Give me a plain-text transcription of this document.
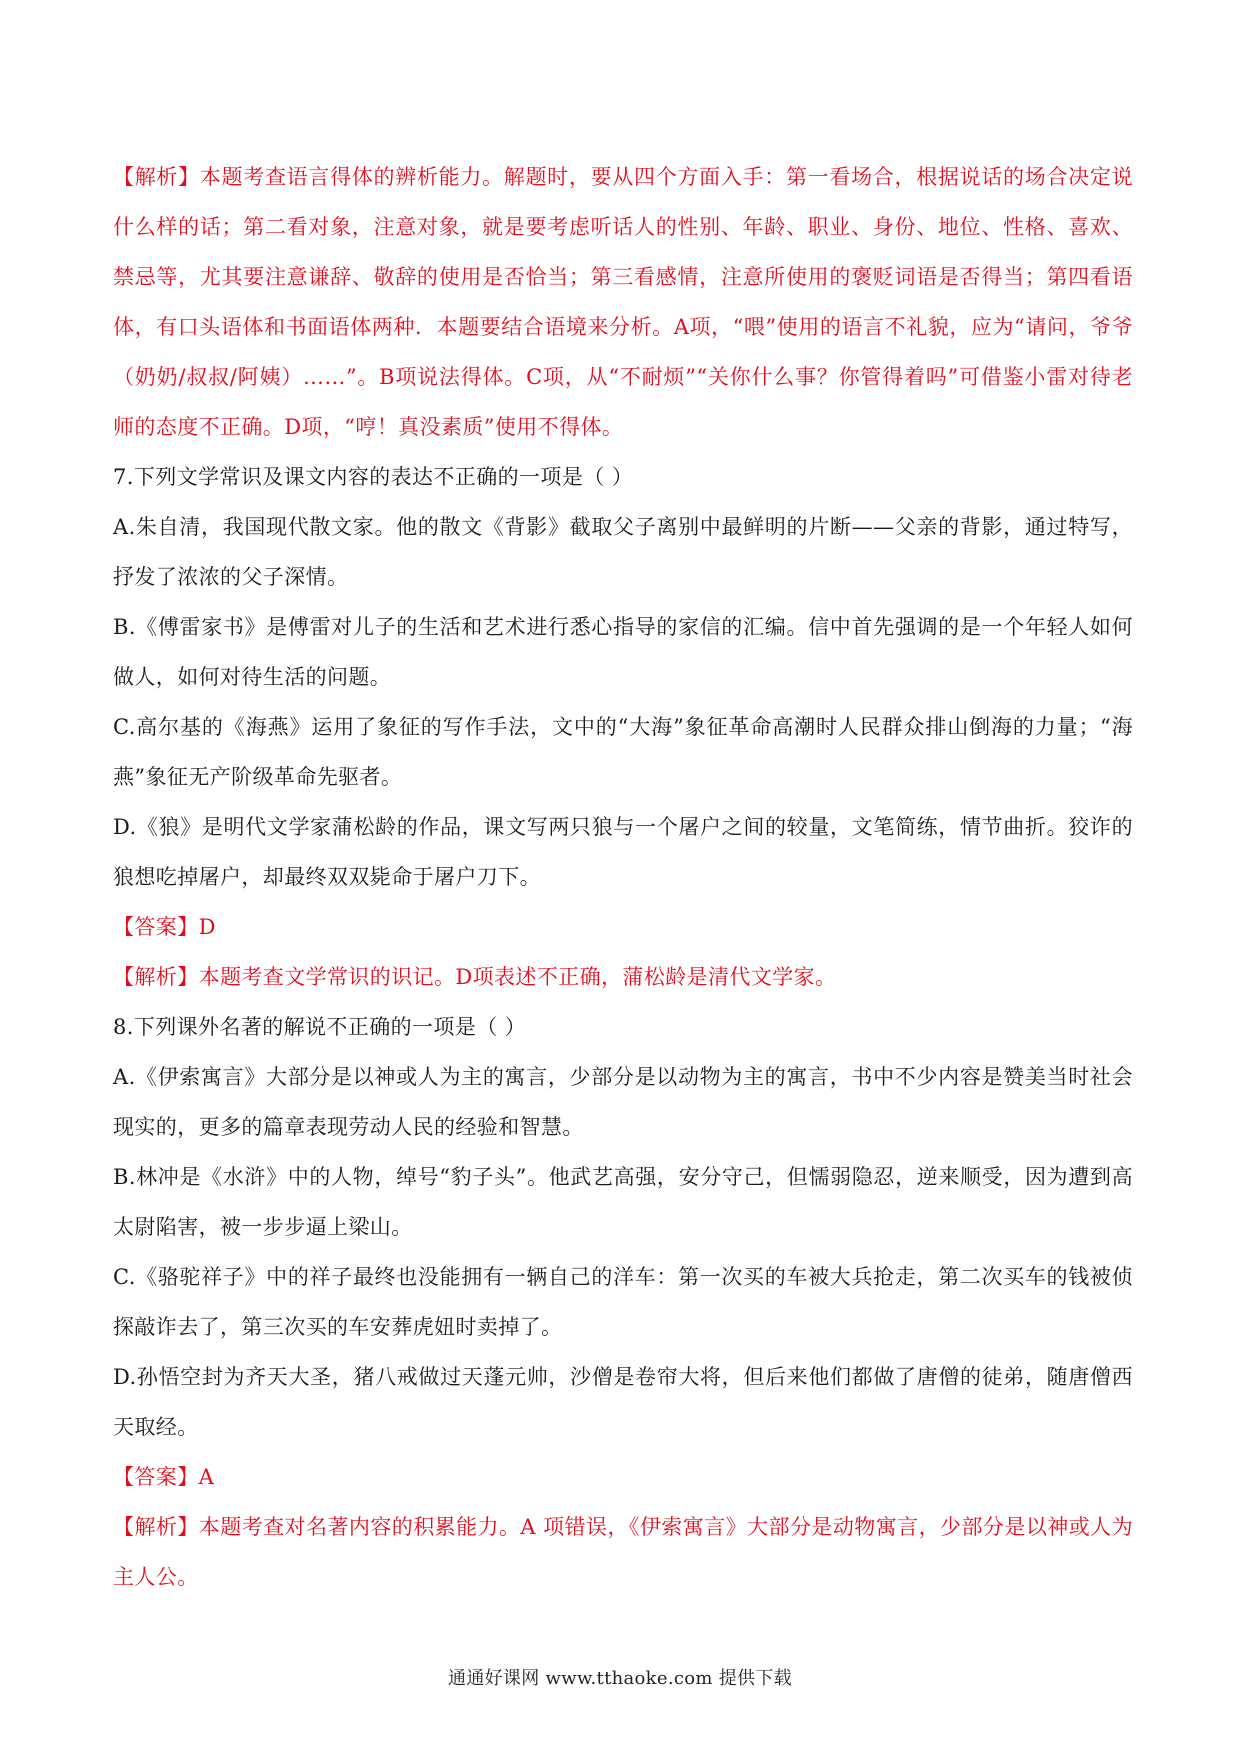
【解析】本题考查语言得体的辨析能力。解题时，要从四个方面入手：第一看场合，根据说话的场合决定说什么样的话；第二看对象，注意对象，就是要考虑听话人的性别、年龄、职业、身份、地位、性格、喜欢、禁忌等，尤其要注意谦辞、敬辞的使用是否恰当；第三看感情，注意所使用的褒贬词语是否得当；第四看语体，有口头语体和书面语体两种．本题要结合语境来分析。A项，“喂”使用的语言不礼貌，应为“请问，爷爷（奶奶/叔叔/阿姨）……”。B项说法得体。C项，从“不耐烦”“关你什么事？你管得着吗”可借鉴小雷对待老师的态度不正确。D项，“哼！真没素质”使用不得体。

7.下列文学常识及课文内容的表达不正确的一项是（ ）

A.朱自清，我国现代散文家。他的散文《背影》截取父子离别中最鲜明的片断——父亲的背影，通过特写，抒发了浓浓的父子深情。

B.《傅雷家书》是傅雷对儿子的生活和艺术进行悉心指导的家信的汇编。信中首先强调的是一个年轻人如何做人，如何对待生活的问题。

C.高尔基的《海燕》运用了象征的写作手法，文中的“大海”象征革命高潮时人民群众排山倒海的力量；“海燕”象征无产阶级革命先驱者。

D.《狼》是明代文学家蒲松龄的作品，课文写两只狼与一个屠户之间的较量，文笔简练，情节曲折。狡诈的狼想吃掉屠户，却最终双双毙命于屠户刀下。

【答案】D

【解析】本题考查文学常识的识记。D项表述不正确，蒲松龄是清代文学家。

8.下列课外名著的解说不正确的一项是（ ）

A.《伊索寓言》大部分是以神或人为主的寓言，少部分是以动物为主的寓言，书中不少内容是赞美当时社会现实的，更多的篇章表现劳动人民的经验和智慧。

B.林冲是《水浒》中的人物，绰号“豹子头”。他武艺高强，安分守己，但懦弱隐忍，逆来顺受，因为遭到高太尉陷害，被一步步逼上梁山。

C.《骆驼祥子》中的祥子最终也没能拥有一辆自己的洋车：第一次买的车被大兵抢走，第二次买车的钱被侦探敲诈去了，第三次买的车安葬虎妞时卖掉了。

D.孙悟空封为齐天大圣，猪八戒做过天蓬元帅，沙僧是卷帘大将，但后来他们都做了唐僧的徒弟，随唐僧西天取经。

【答案】A

【解析】本题考查对名著内容的积累能力。A 项错误，《伊索寓言》大部分是动物寓言，少部分是以神或人为主人公。

通通好课网 www.tthaoke.com 提供下载
